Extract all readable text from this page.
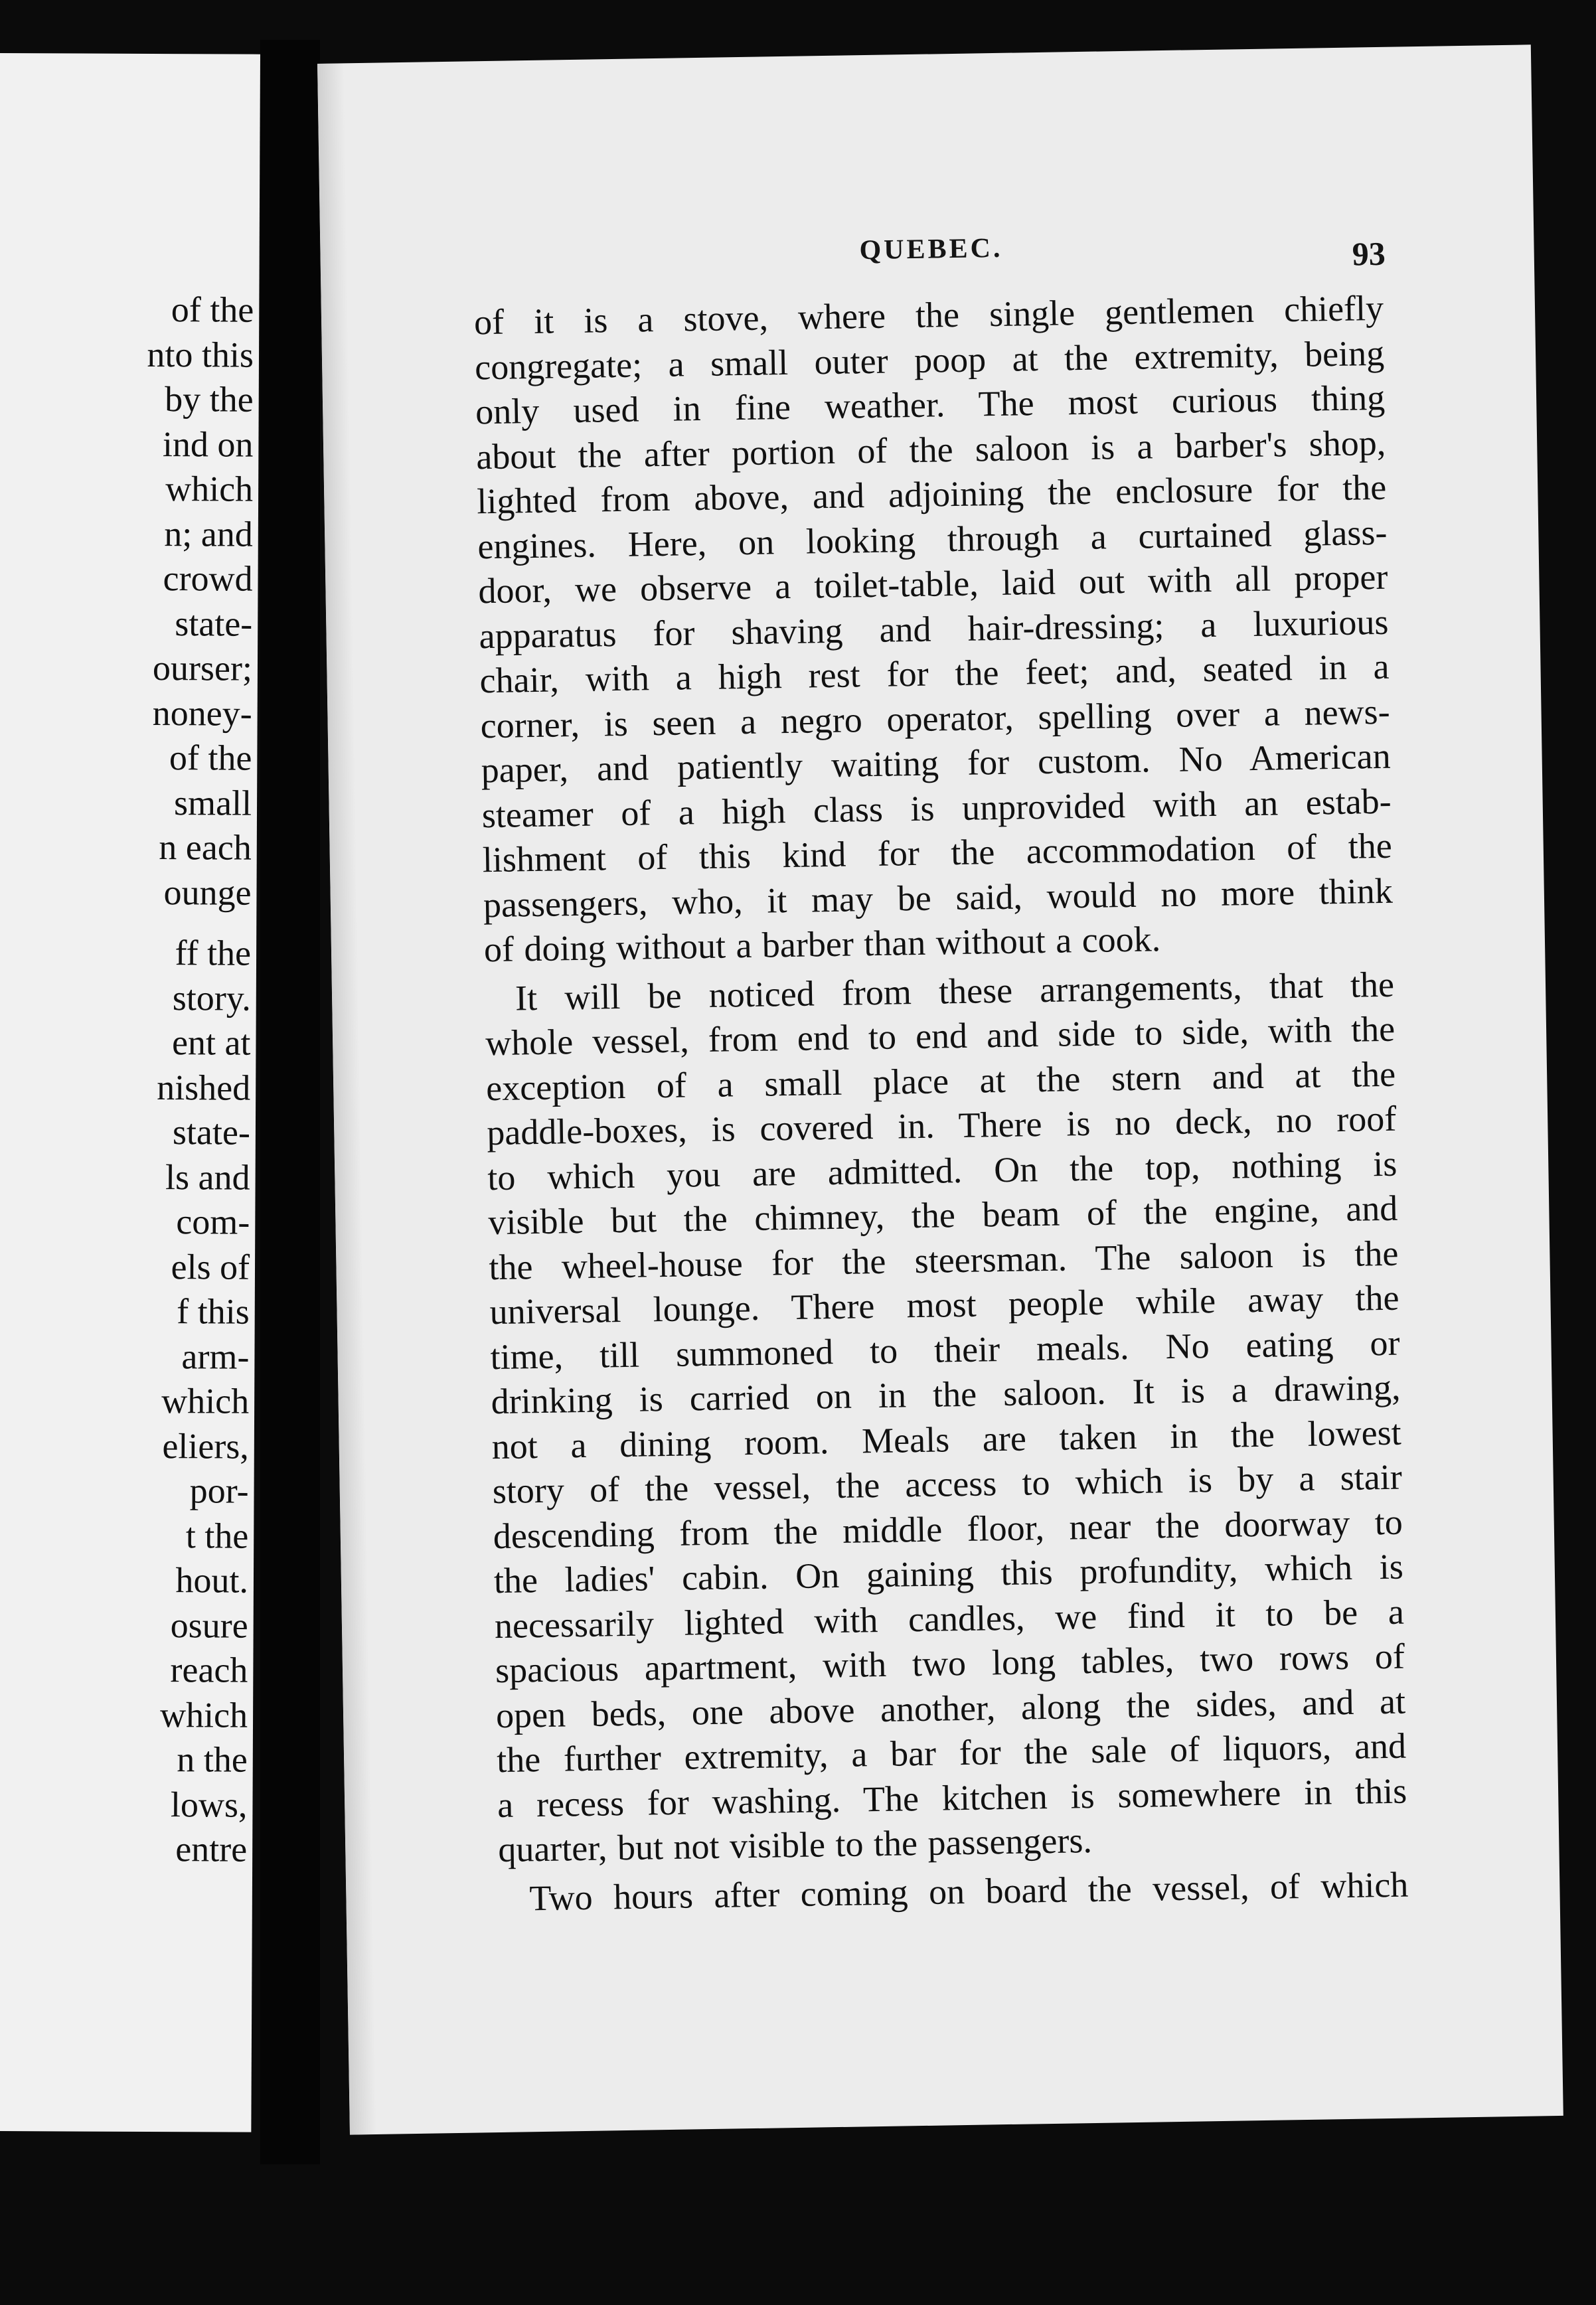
of the
nto this
by the
ind on
which
n; and
crowd
state-
ourser;
noney-
of the
small
n each
ounge
ff the
story.
ent at
nished
state-
ls and
com-
els of
f this
arm-
which
eliers,
por-
t the
hout.
osure
reach
which
n the
lows,
entre
QUEBEC.	93
of it is a stove, where the single gentlemen chiefly
congregate; a small outer poop at the extremity, being
only used in fine weather. The most curious thing
about the after portion of the saloon is a barber's shop,
lighted from above, and adjoining the enclosure for the
engines. Here, on looking through a curtained glass-
door, we observe a toilet-table, laid out with all proper
apparatus for shaving and hair-dressing; a luxurious
chair, with a high rest for the feet; and, seated in a
corner, is seen a negro operator, spelling over a news-
paper, and patiently waiting for custom. No American
steamer of a high class is unprovided with an estab-
lishment of this kind for the accommodation of the
passengers, who, it may be said, would no more think
of doing without a barber than without a cook.
It will be noticed from these arrangements, that the
whole vessel, from end to end and side to side, with the
exception of a small place at the stern and at the
paddle-boxes, is covered in. There is no deck, no roof
to which you are admitted. On the top, nothing is
visible but the chimney, the beam of the engine, and
the wheel-house for the steersman. The saloon is the
universal lounge. There most people while away the
time, till summoned to their meals. No eating or
drinking is carried on in the saloon. It is a drawing,
not a dining room. Meals are taken in the lowest
story of the vessel, the access to which is by a stair
descending from the middle floor, near the doorway to
the ladies' cabin. On gaining this profundity, which is
necessarily lighted with candles, we find it to be a
spacious apartment, with two long tables, two rows of
open beds, one above another, along the sides, and at
the further extremity, a bar for the sale of liquors, and
a recess for washing. The kitchen is somewhere in this
quarter, but not visible to the passengers.
Two hours after coming on board the vessel, of which
